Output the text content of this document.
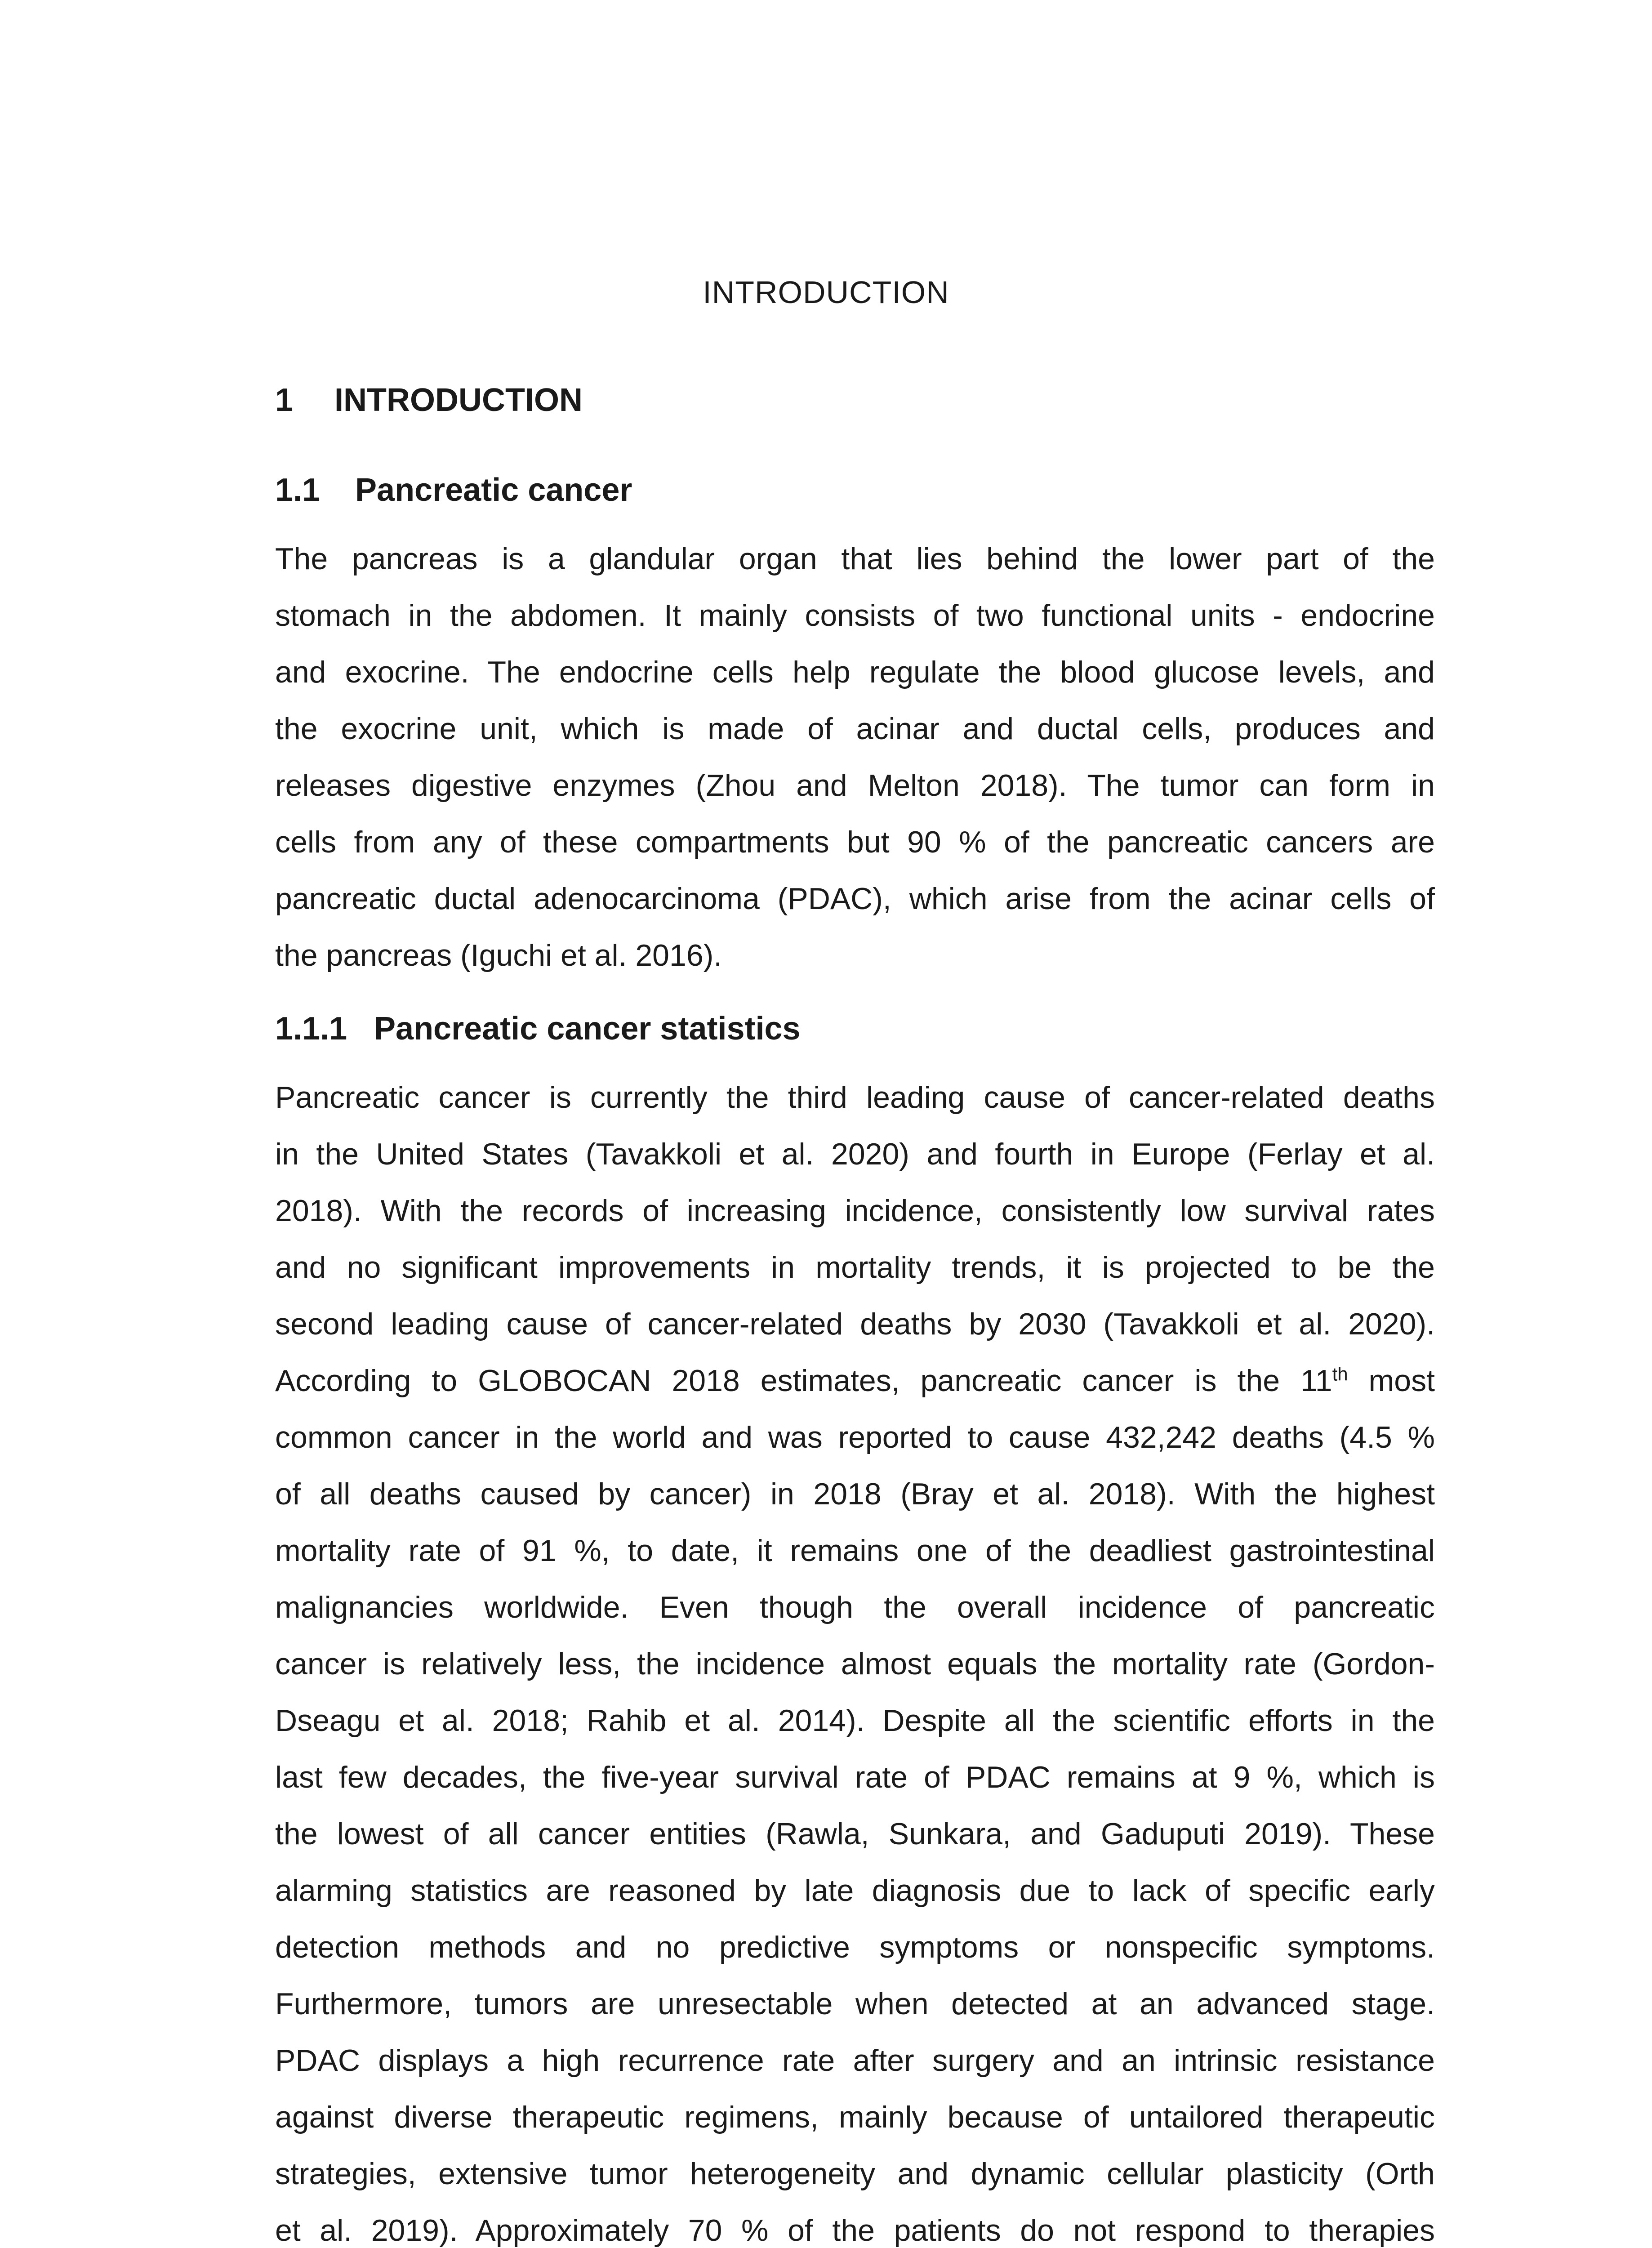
INTRODUCTION
1 INTRODUCTION
1.1 Pancreatic cancer
The pancreas is a glandular organ that lies behind the lower part of the
stomach in the abdomen. It mainly consists of two functional units - endocrine
and exocrine. The endocrine cells help regulate the blood glucose levels, and
the exocrine unit, which is made of acinar and ductal cells, produces and
releases digestive enzymes (Zhou and Melton 2018). The tumor can form in
cells from any of these compartments but 90 % of the pancreatic cancers are
pancreatic ductal adenocarcinoma (PDAC), which arise from the acinar cells of
the pancreas (Iguchi et al. 2016).
1.1.1 Pancreatic cancer statistics
Pancreatic cancer is currently the third leading cause of cancer-related deaths
in the United States (Tavakkoli et al. 2020) and fourth in Europe (Ferlay et al.
2018). With the records of increasing incidence, consistently low survival rates
and no significant improvements in mortality trends, it is projected to be the
second leading cause of cancer-related deaths by 2030 (Tavakkoli et al. 2020).
According to GLOBOCAN 2018 estimates, pancreatic cancer is the 11th most
common cancer in the world and was reported to cause 432,242 deaths (4.5 %
of all deaths caused by cancer) in 2018 (Bray et al. 2018). With the highest
mortality rate of 91 %, to date, it remains one of the deadliest gastrointestinal
malignancies worldwide. Even though the overall incidence of pancreatic
cancer is relatively less, the incidence almost equals the mortality rate (Gordon-
Dseagu et al. 2018; Rahib et al. 2014). Despite all the scientific efforts in the
last few decades, the five-year survival rate of PDAC remains at 9 %, which is
the lowest of all cancer entities (Rawla, Sunkara, and Gaduputi 2019). These
alarming statistics are reasoned by late diagnosis due to lack of specific early
detection methods and no predictive symptoms or nonspecific symptoms.
Furthermore, tumors are unresectable when detected at an advanced stage.
PDAC displays a high recurrence rate after surgery and an intrinsic resistance
against diverse therapeutic regimens, mainly because of untailored therapeutic
strategies, extensive tumor heterogeneity and dynamic cellular plasticity (Orth
et al. 2019). Approximately 70 % of the patients do not respond to therapies
